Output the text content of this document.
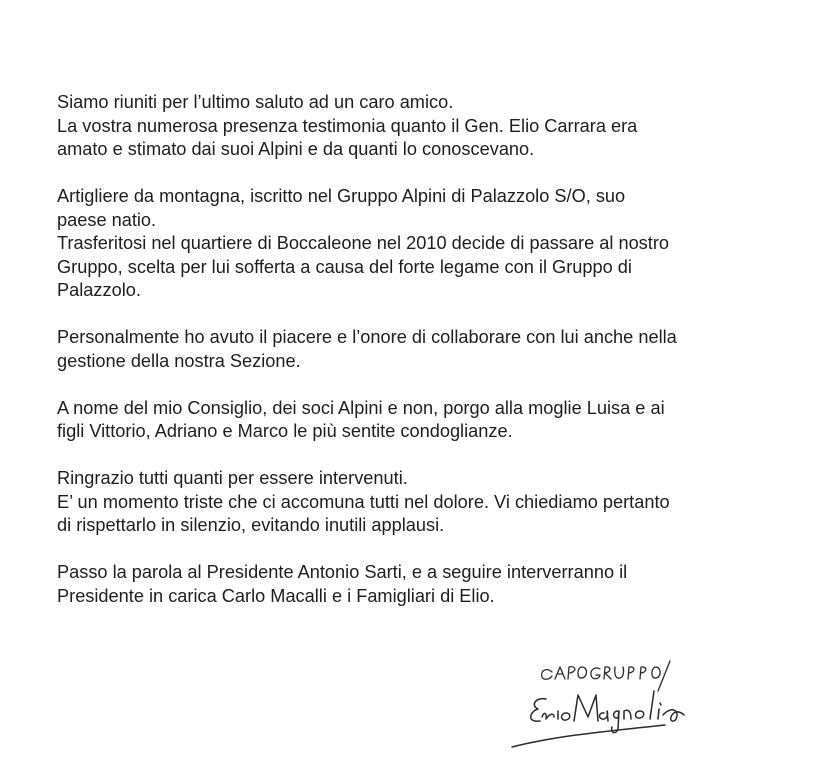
Siamo riuniti per l’ultimo saluto ad un caro amico.
La vostra numerosa presenza testimonia quanto il Gen. Elio Carrara era
amato e stimato dai suoi Alpini e da quanti lo conoscevano.

Artigliere da montagna, iscritto nel Gruppo Alpini di Palazzolo S/O, suo
paese natio.
Trasferitosi nel quartiere di Boccaleone nel 2010 decide di passare al nostro
Gruppo, scelta per lui sofferta a causa del forte legame con il Gruppo di
Palazzolo.

Personalmente ho avuto il piacere e l’onore di collaborare con lui anche nella
gestione della nostra Sezione.

A nome del mio Consiglio, dei soci Alpini e non, porgo alla moglie Luisa e ai
figli Vittorio, Adriano e Marco le più sentite condoglianze.

Ringrazio tutti quanti per essere intervenuti.
E’ un momento triste che ci accomuna tutti nel dolore. Vi chiediamo pertanto
di rispettarlo in silenzio, evitando inutili applausi.

Passo la parola al Presidente Antonio Sarti, e a seguire interverranno il
Presidente in carica Carlo Macalli e i Famigliari di Elio.

CAPOGRUPPO
